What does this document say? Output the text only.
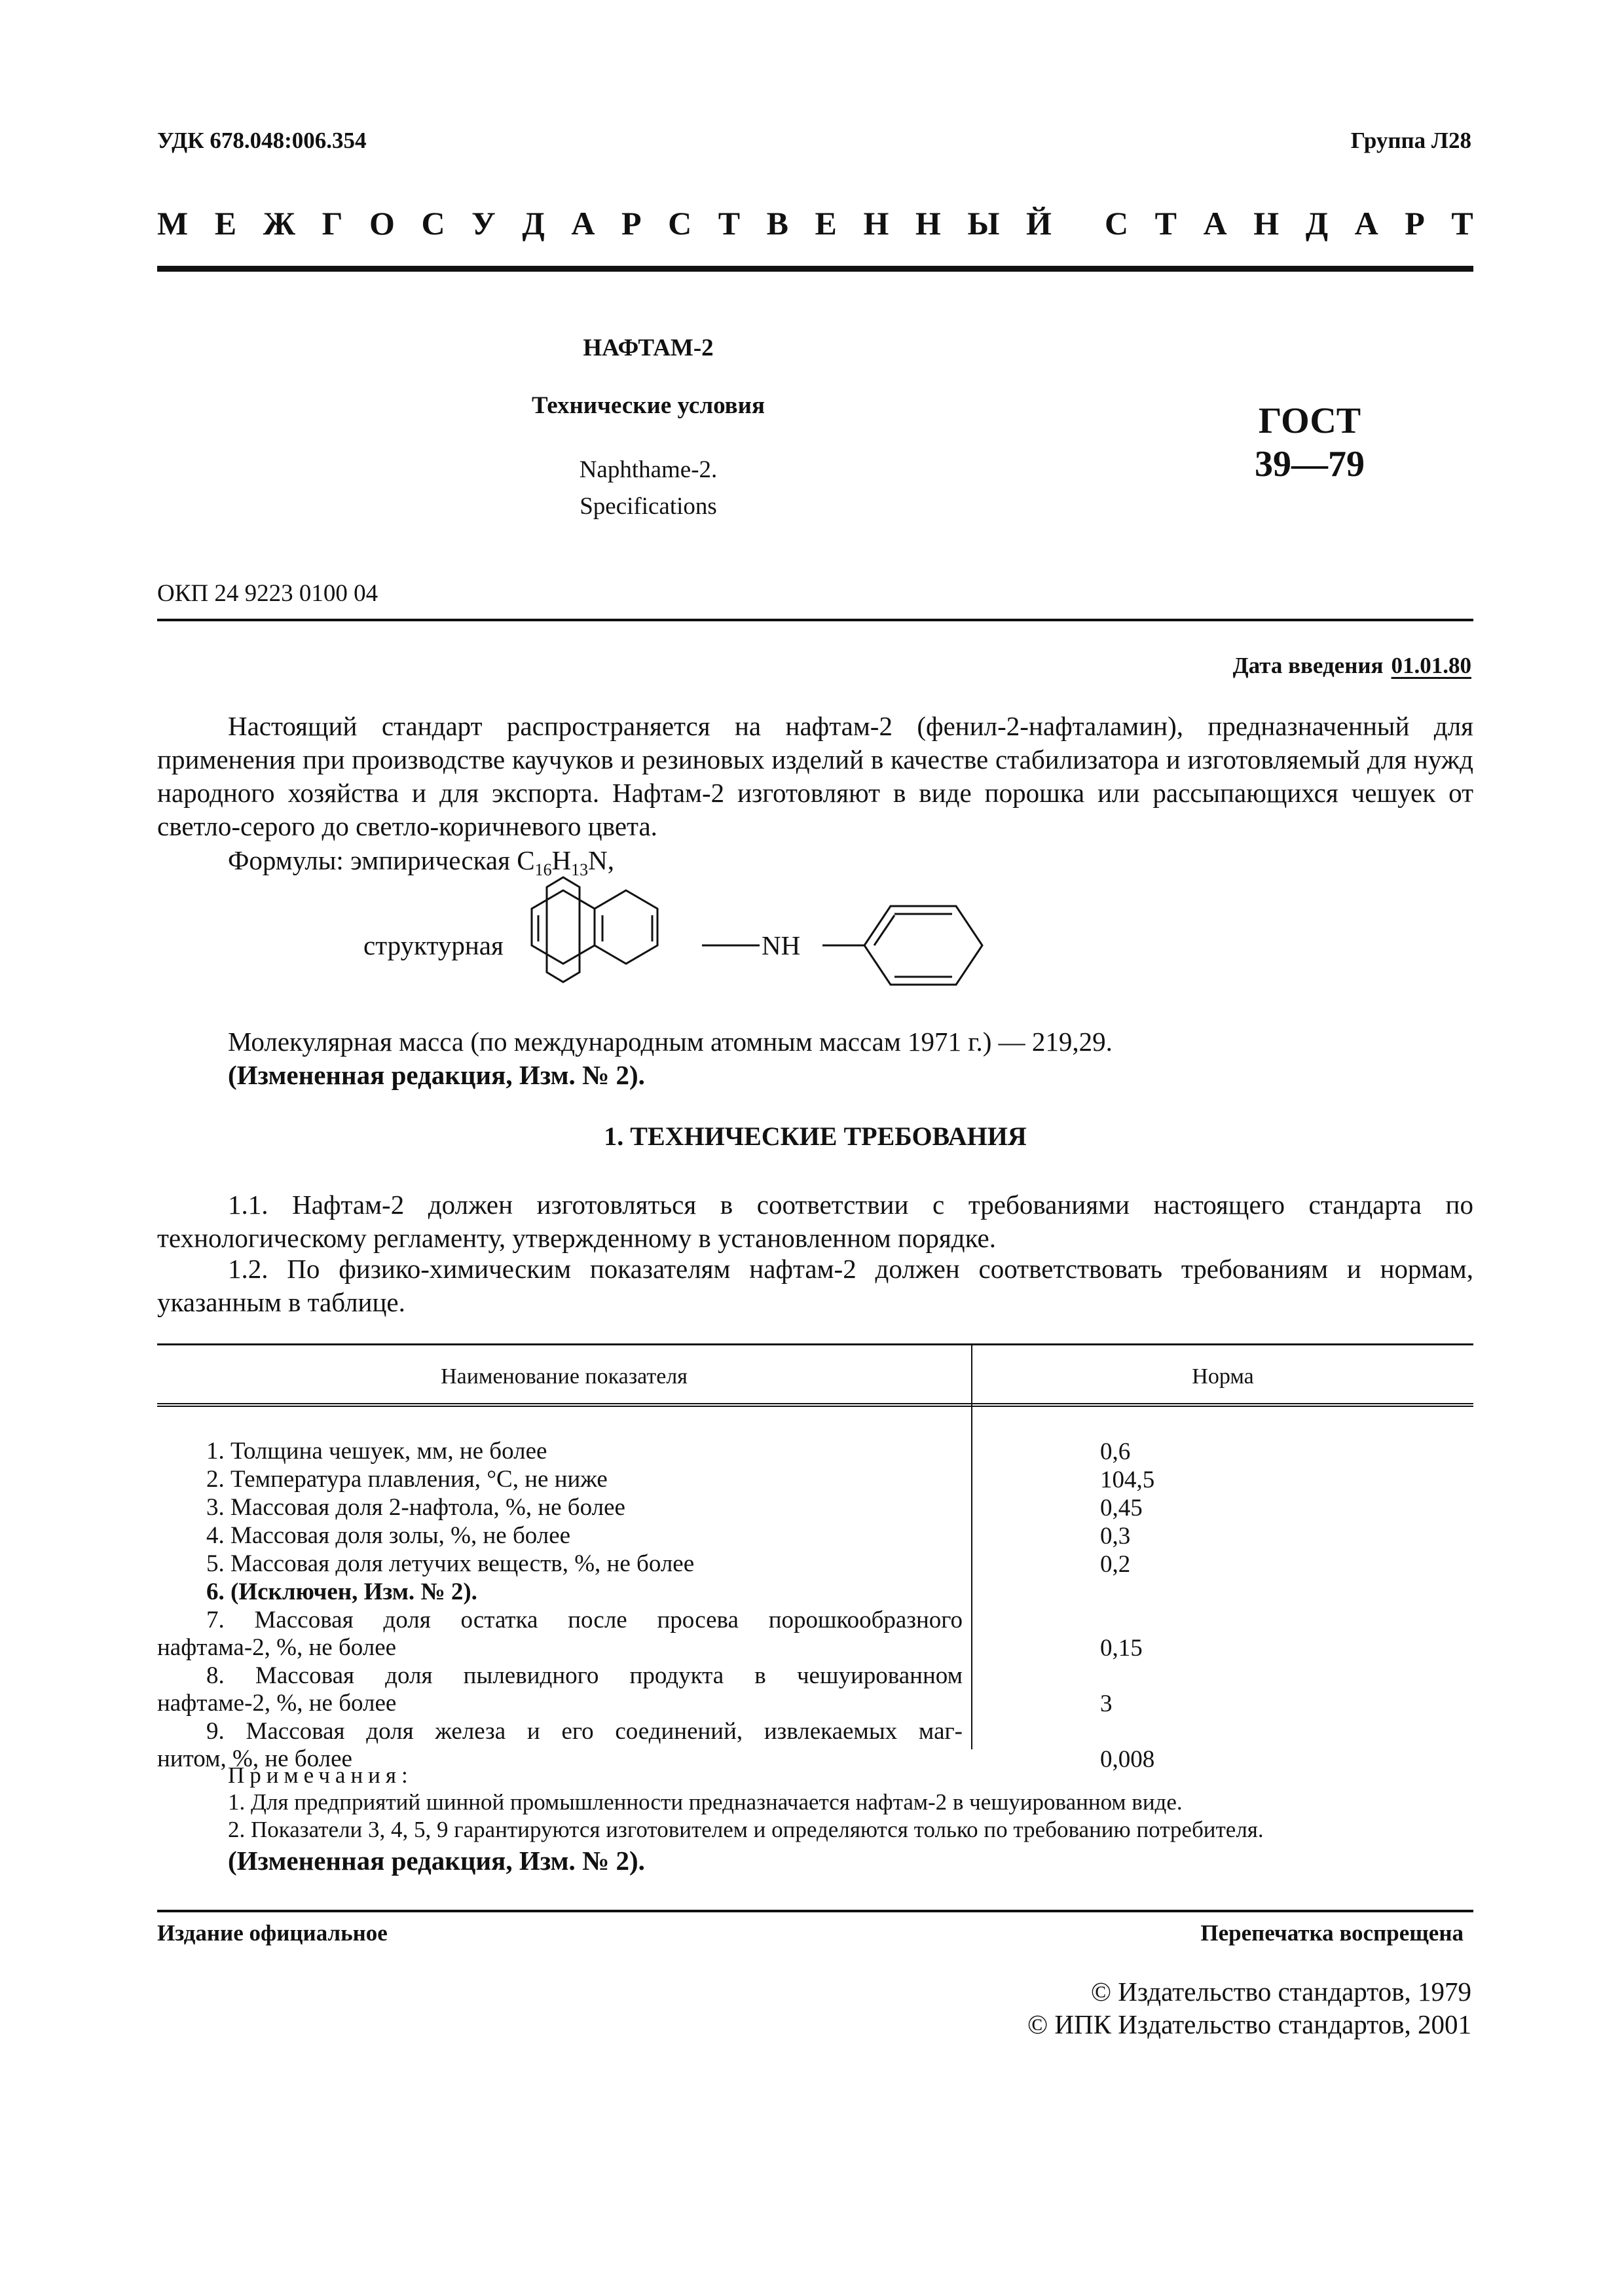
УДК 678.048:006.354	Группа Л28
М Е Ж Г О С У Д А Р С Т В Е Н Н Ы Й С Т А Н Д А Р Т
НАФТАМ-2
Технические условия
Naphthame-2.
Specifications
ГОСТ
39—79
ОКП 24 9223 0100 04
Дата введения 01.01.80
Настоящий стандарт распространяется на нафтам-2 (фенил-2-нафталамин), предназначенный для применения при производстве каучуков и резиновых изделий в качестве стабилизатора и изготовляемый для нужд народного хозяйства и для экспорта. Нафтам-2 изготовляют в виде порошка или рассыпающихся чешуек от светло-серого до светло-коричневого цвета.
Формулы: эмпирическая $C_{16}H_{13}N$,
структурная	NH
Молекулярная масса (по международным атомным массам 1971 г.) — 219,29.
(Измененная редакция, Изм. № 2).
1. ТЕХНИЧЕСКИЕ ТРЕБОВАНИЯ
1.1. Нафтам-2 должен изготовляться в соответствии с требованиями настоящего стандарта по технологическому регламенту, утвержденному в установленном порядке.
1.2. По физико-химическим показателям нафтам-2 должен соответствовать требованиям и нормам, указанным в таблице.
Наименование показателя	Норма
1. Толщина чешуек, мм, не более	0,6
2. Температура плавления, °С, не ниже	104,5
3. Массовая доля 2-нафтола, %, не более	0,45
4. Массовая доля золы, %, не более	0,3
5. Массовая доля летучих веществ, %, не более	0,2
6. (Исключен, Изм. № 2).
7. Массовая доля остатка после просева порошкообразного
нафтама-2, %, не более	0,15
8. Массовая доля пылевидного продукта в чешуированном
нафтаме-2, %, не более	3
9. Массовая доля железа и его соединений, извлекаемых маг-
нитом, %, не более	0,008
Примечания:
1. Для предприятий шинной промышленности предназначается нафтам-2 в чешуированном виде.
2. Показатели 3, 4, 5, 9 гарантируются изготовителем и определяются только по требованию потребителя.
(Измененная редакция, Изм. № 2).
Издание официальное	Перепечатка воспрещена
© Издательство стандартов, 1979
© ИПК Издательство стандартов, 2001
